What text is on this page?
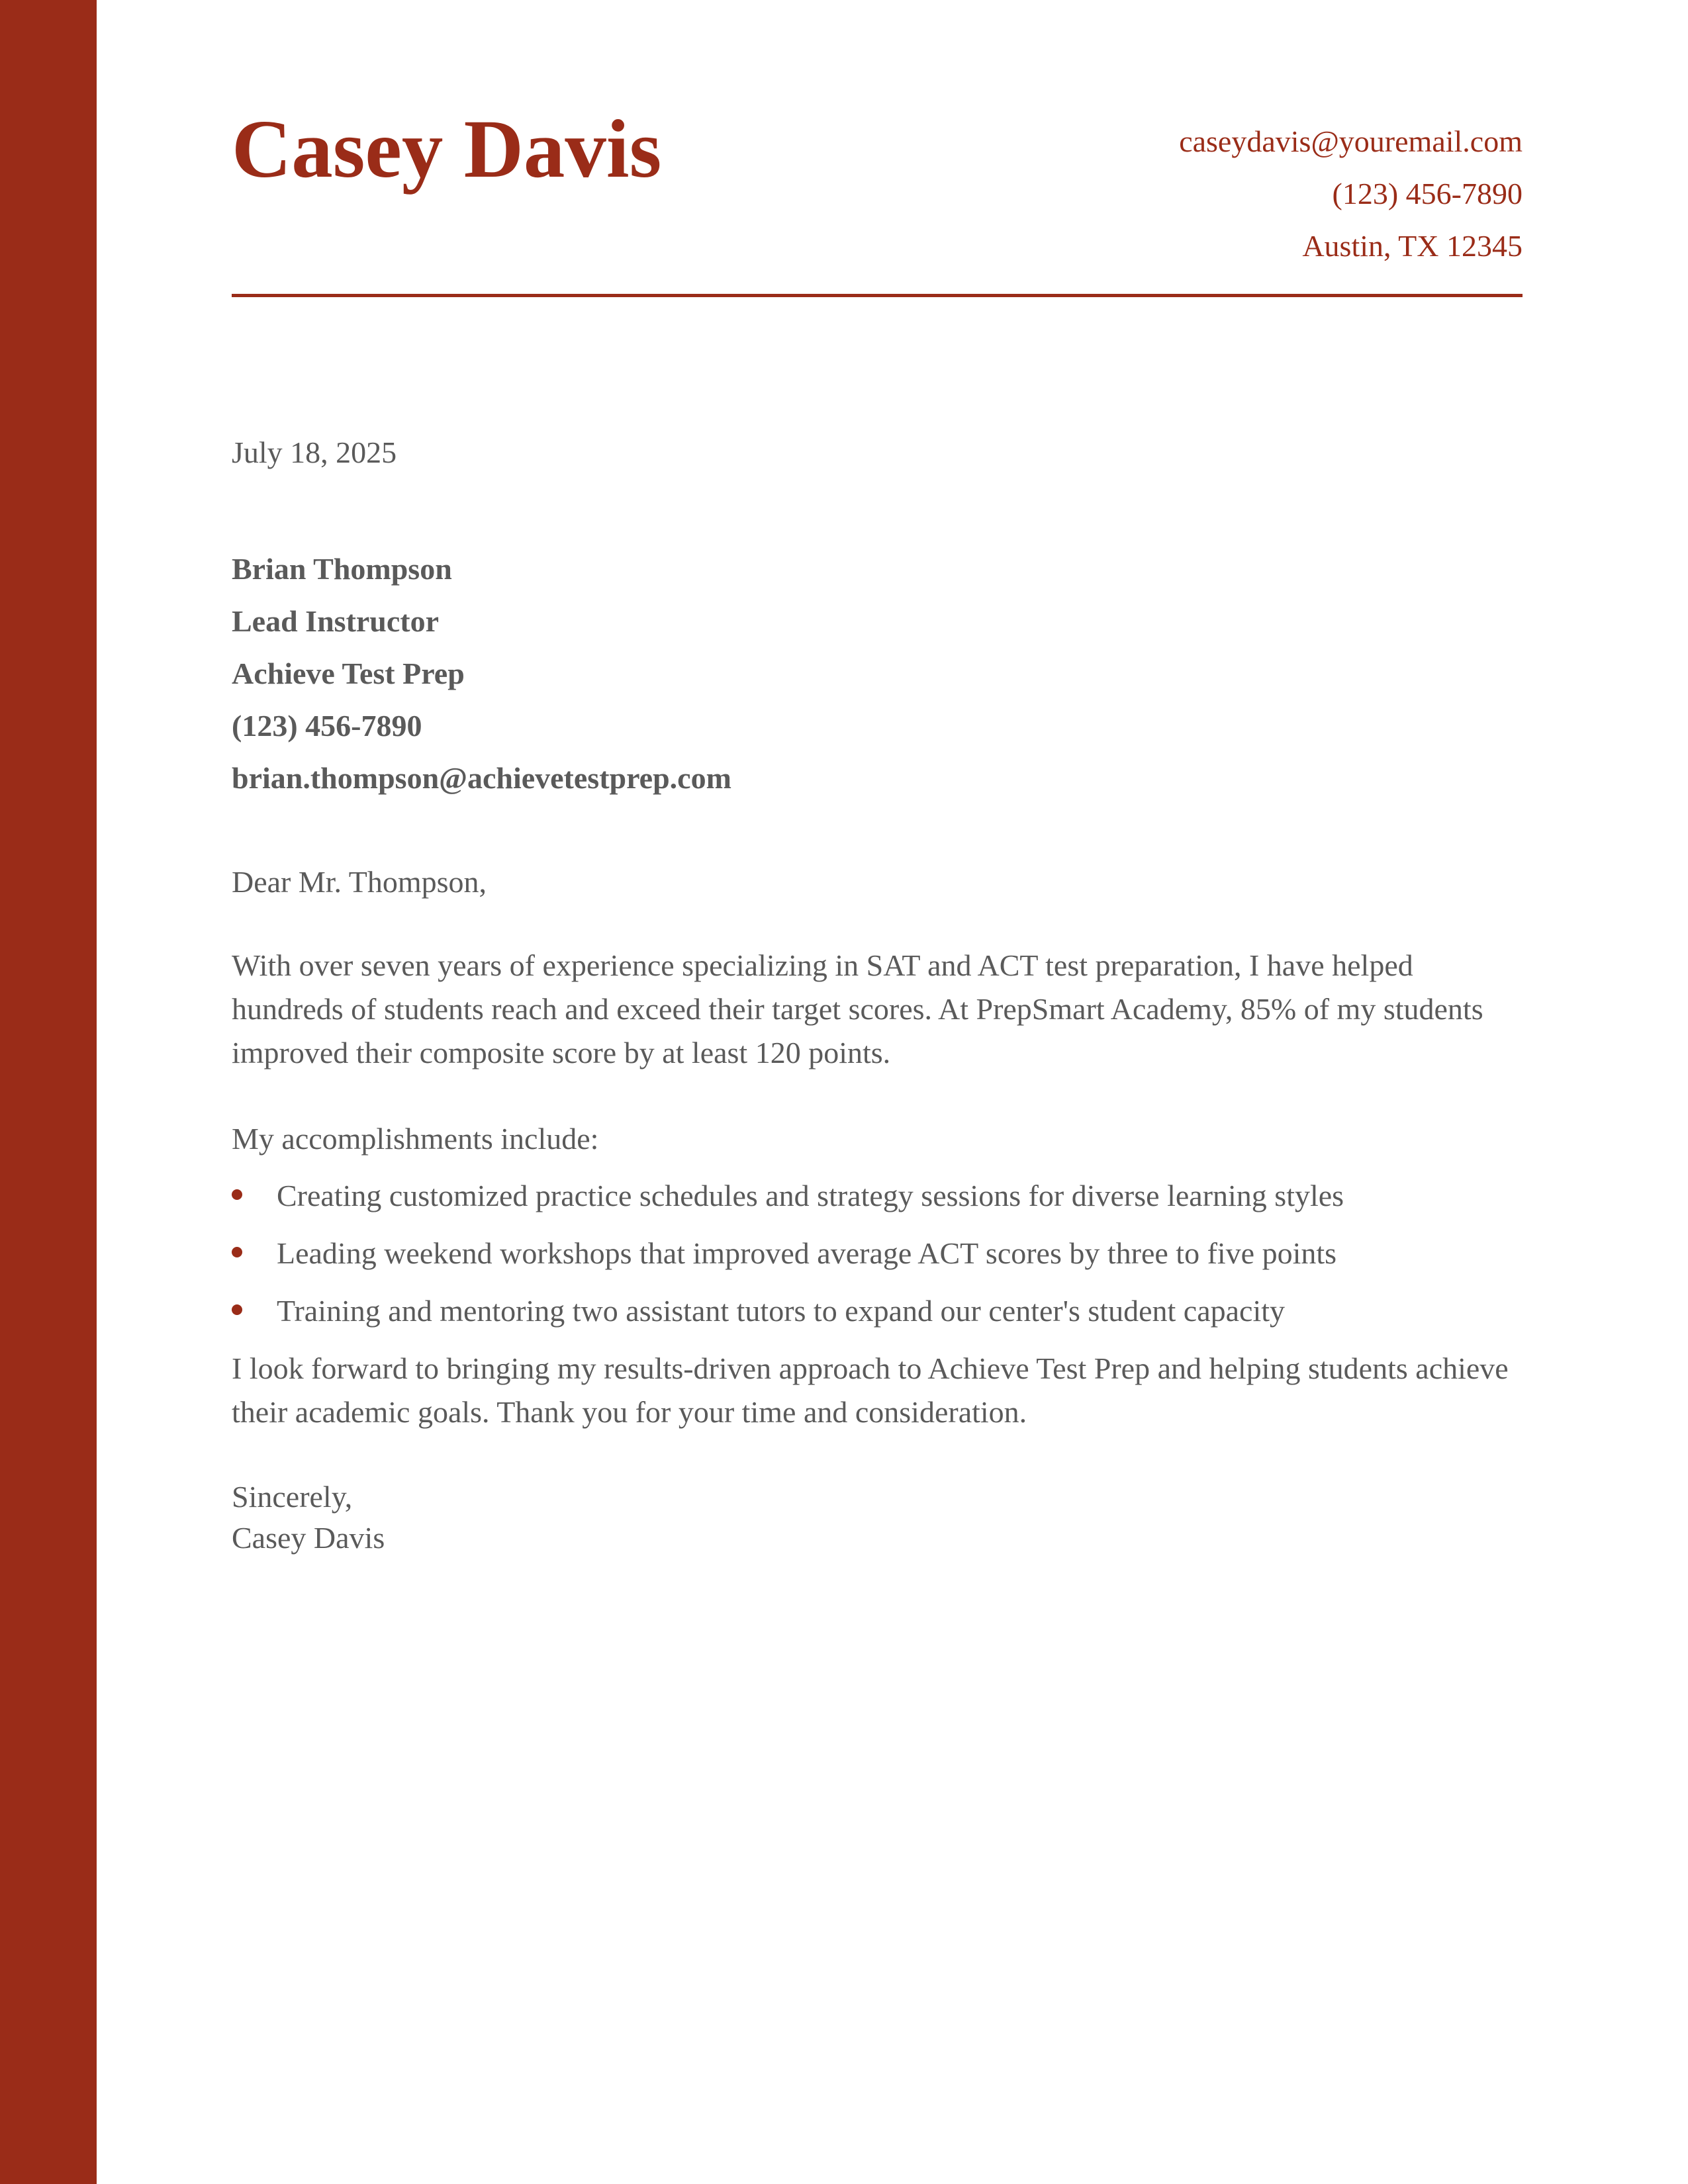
Casey Davis	caseydavis@youremail.com
(123) 456-7890
Austin, TX 12345
July 18, 2025
Brian Thompson
Lead Instructor
Achieve Test Prep
(123) 456-7890
brian.thompson@achievetestprep.com

Dear Mr. Thompson,

With over seven years of experience specializing in SAT and ACT test preparation, I have helped hundreds of students reach and exceed their target scores. At PrepSmart Academy, 85% of my students improved their composite score by at least 120 points.

My accomplishments include:

Creating customized practice schedules and strategy sessions for diverse learning styles
Leading weekend workshops that improved average ACT scores by three to five points
Training and mentoring two assistant tutors to expand our center's student capacity

I look forward to bringing my results-driven approach to Achieve Test Prep and helping students achieve their academic goals. Thank you for your time and consideration.

Sincerely,
Casey Davis
